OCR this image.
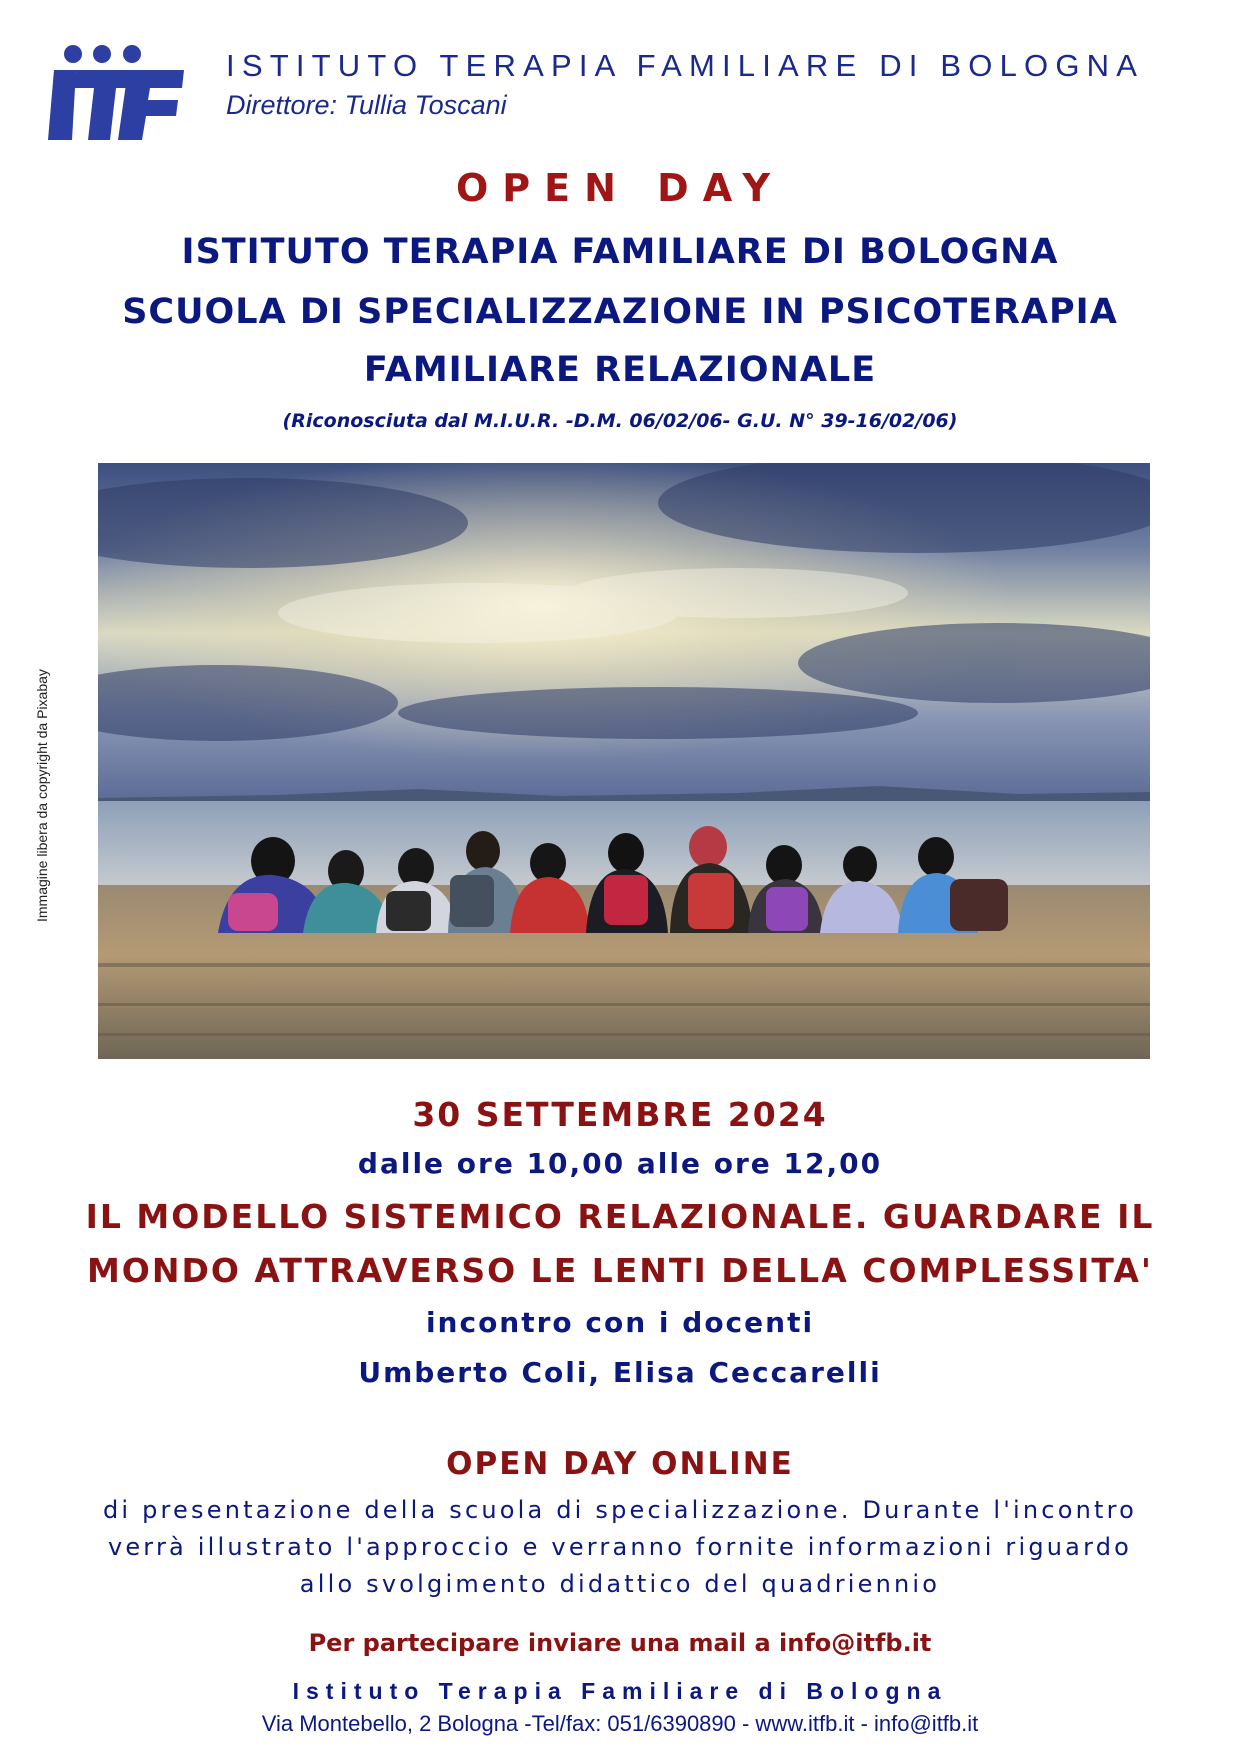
ISTITUTO TERAPIA FAMILIARE DI BOLOGNA
Direttore: Tullia Toscani
OPEN DAY
ISTITUTO TERAPIA FAMILIARE DI BOLOGNA
SCUOLA DI SPECIALIZZAZIONE IN PSICOTERAPIA
FAMILIARE RELAZIONALE
(Riconosciuta dal M.I.U.R. -D.M. 06/02/06- G.U. N° 39-16/02/06)
Immagine libera da copyright da Pixabay
30 SETTEMBRE 2024
dalle ore 10,00 alle ore 12,00
IL MODELLO SISTEMICO RELAZIONALE. GUARDARE IL
MONDO ATTRAVERSO LE LENTI DELLA COMPLESSITA'
incontro con i docenti
Umberto Coli, Elisa Ceccarelli
OPEN DAY ONLINE
di presentazione della scuola di specializzazione. Durante l'incontro
verrà illustrato l'approccio e verranno fornite informazioni riguardo
allo svolgimento didattico del quadriennio
Per partecipare inviare una mail a info@itfb.it
Istituto Terapia Familiare di Bologna
Via Montebello, 2 Bologna -Tel/fax: 051/6390890 - www.itfb.it - info@itfb.it
